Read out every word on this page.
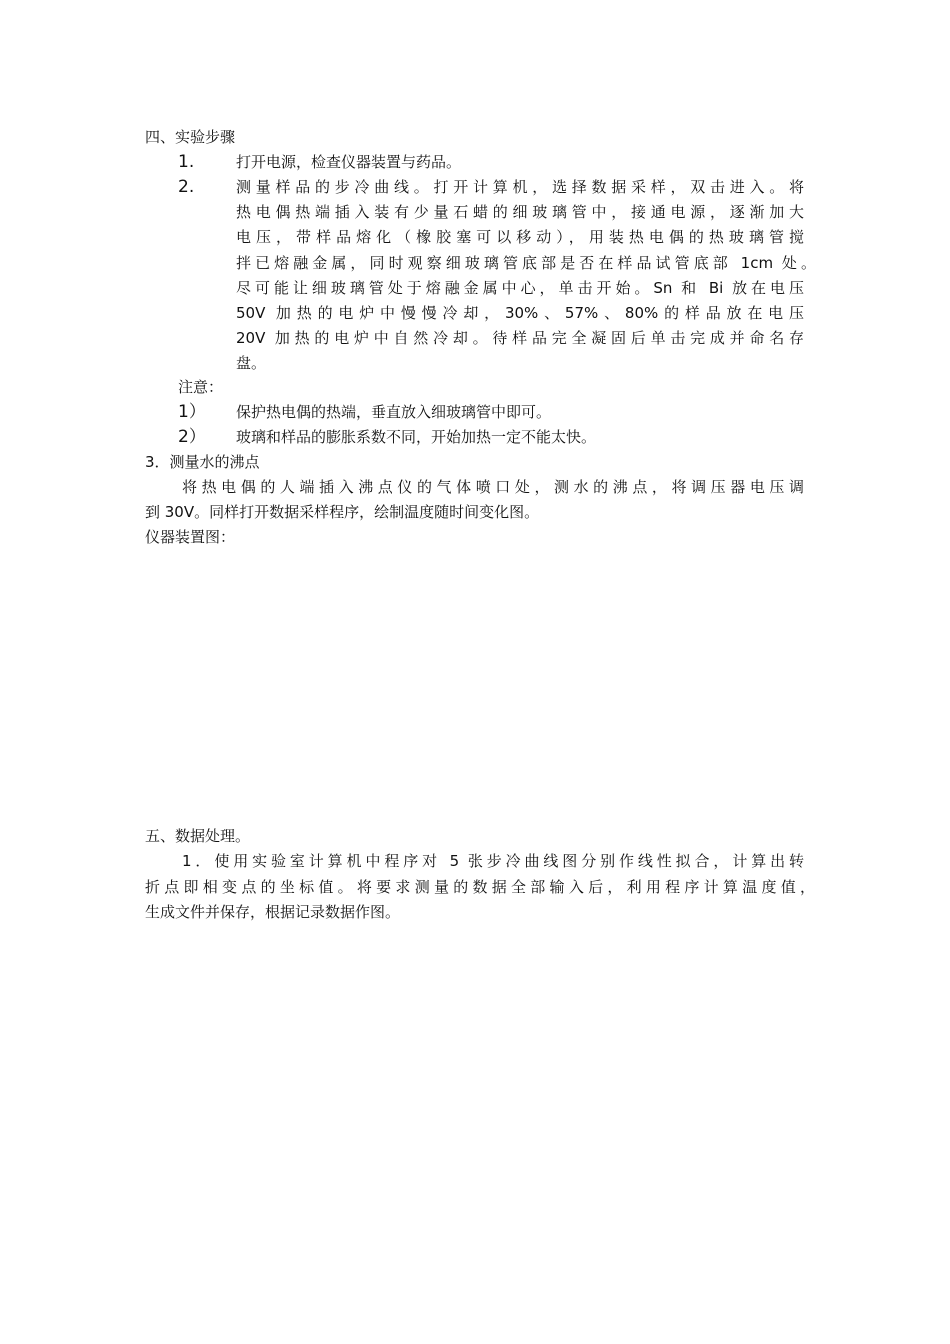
四、实验步骤
1.	打开电源，检查仪器装置与药品。
2.	测量样品的步冷曲线。打开计算机，选择数据采样，双击进入。将
热电偶热端插入装有少量石蜡的细玻璃管中，接通电源，逐渐加大
电压，带样品熔化（橡胶塞可以移动），用装热电偶的热玻璃管搅
拌已熔融金属，同时观察细玻璃管底部是否在样品试管底部 1cm 处。
尽可能让细玻璃管处于熔融金属中心，单击开始。Sn 和 Bi 放在电压
50V 加热的电炉中慢慢冷却，30%、57%、80%的样品放在电压
20V 加热的电炉中自然冷却。待样品完全凝固后单击完成并命名存
盘。
注意：
1） 保护热电偶的热端，垂直放入细玻璃管中即可。
2） 玻璃和样品的膨胀系数不同，开始加热一定不能太快。
3．测量水的沸点
将热电偶的人端插入沸点仪的气体喷口处，测水的沸点，将调压器电压调
到 30V。同样打开数据采样程序，绘制温度随时间变化图。
仪器装置图：
五、数据处理。
1．使用实验室计算机中程序对 5 张步冷曲线图分别作线性拟合，计算出转
折点即相变点的坐标值。将要求测量的数据全部输入后，利用程序计算温度值，
生成文件并保存，根据记录数据作图。
